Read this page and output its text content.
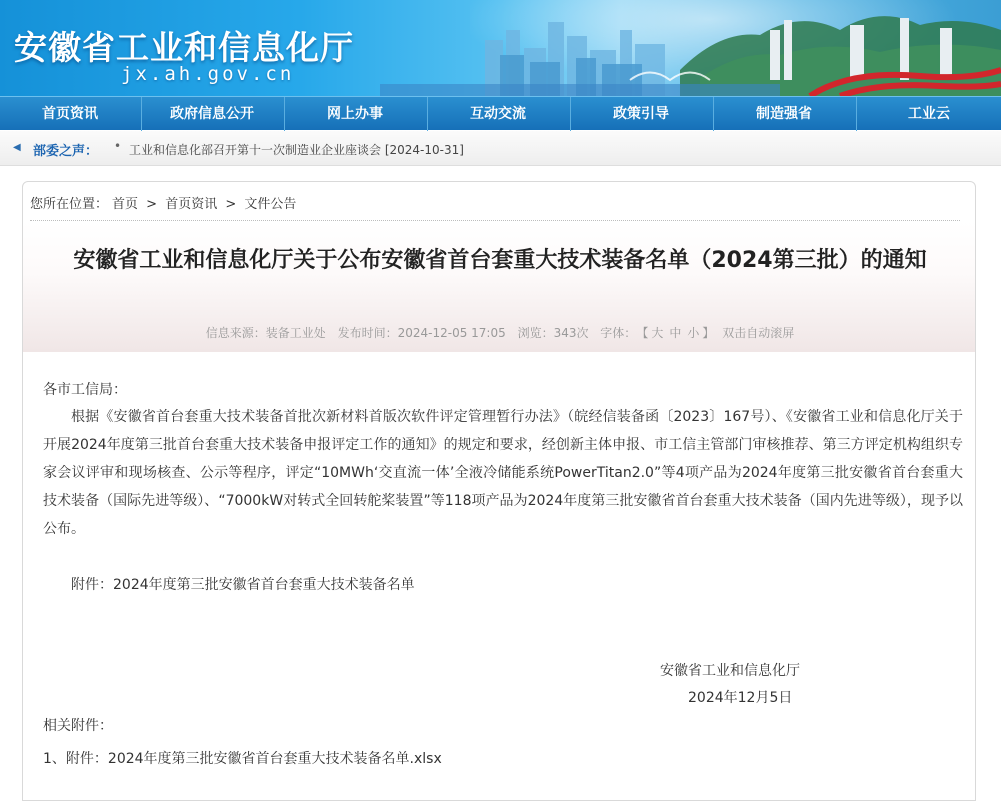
安徽省工业和信息化厅
jx.ah.gov.cn
首页资讯	政府信息公开	网上办事	互动交流	政策引导	制造强省	工业云
◀ 部委之声： • 工业和信息化部召开第十一次制造业企业座谈会 [2024-10-31]
您所在位置： 首页 > 首页资讯 > 文件公告
安徽省工业和信息化厅关于公布安徽省首台套重大技术装备名单（2024第三批）的通知
信息来源：装备工业处 发布时间：2024-12-05 17:05 浏览：343次 字体： 【 大 中 小 】 双击自动滚屏
各市工信局：
根据《安徽省首台套重大技术装备首批次新材料首版次软件评定管理暂行办法》（皖经信装备函〔2023〕167号）、《安徽省工业和信息化厅关于开展2024年度第三批首台套重大技术装备申报评定工作的通知》的规定和要求，经创新主体申报、市工信主管部门审核推荐、第三方评定机构组织专家会议评审和现场核查、公示等程序，评定“10MWh‘交直流一体’全液冷储能系统PowerTitan2.0”等4项产品为2024年度第三批安徽省首台套重大技术装备（国际先进等级）、“7000kW对转式全回转舵桨装置”等118项产品为2024年度第三批安徽省首台套重大技术装备（国内先进等级），现予以公布。
附件：2024年度第三批安徽省首台套重大技术装备名单
安徽省工业和信息化厅
2024年12月5日
相关附件：
1、附件：2024年度第三批安徽省首台套重大技术装备名单.xlsx
